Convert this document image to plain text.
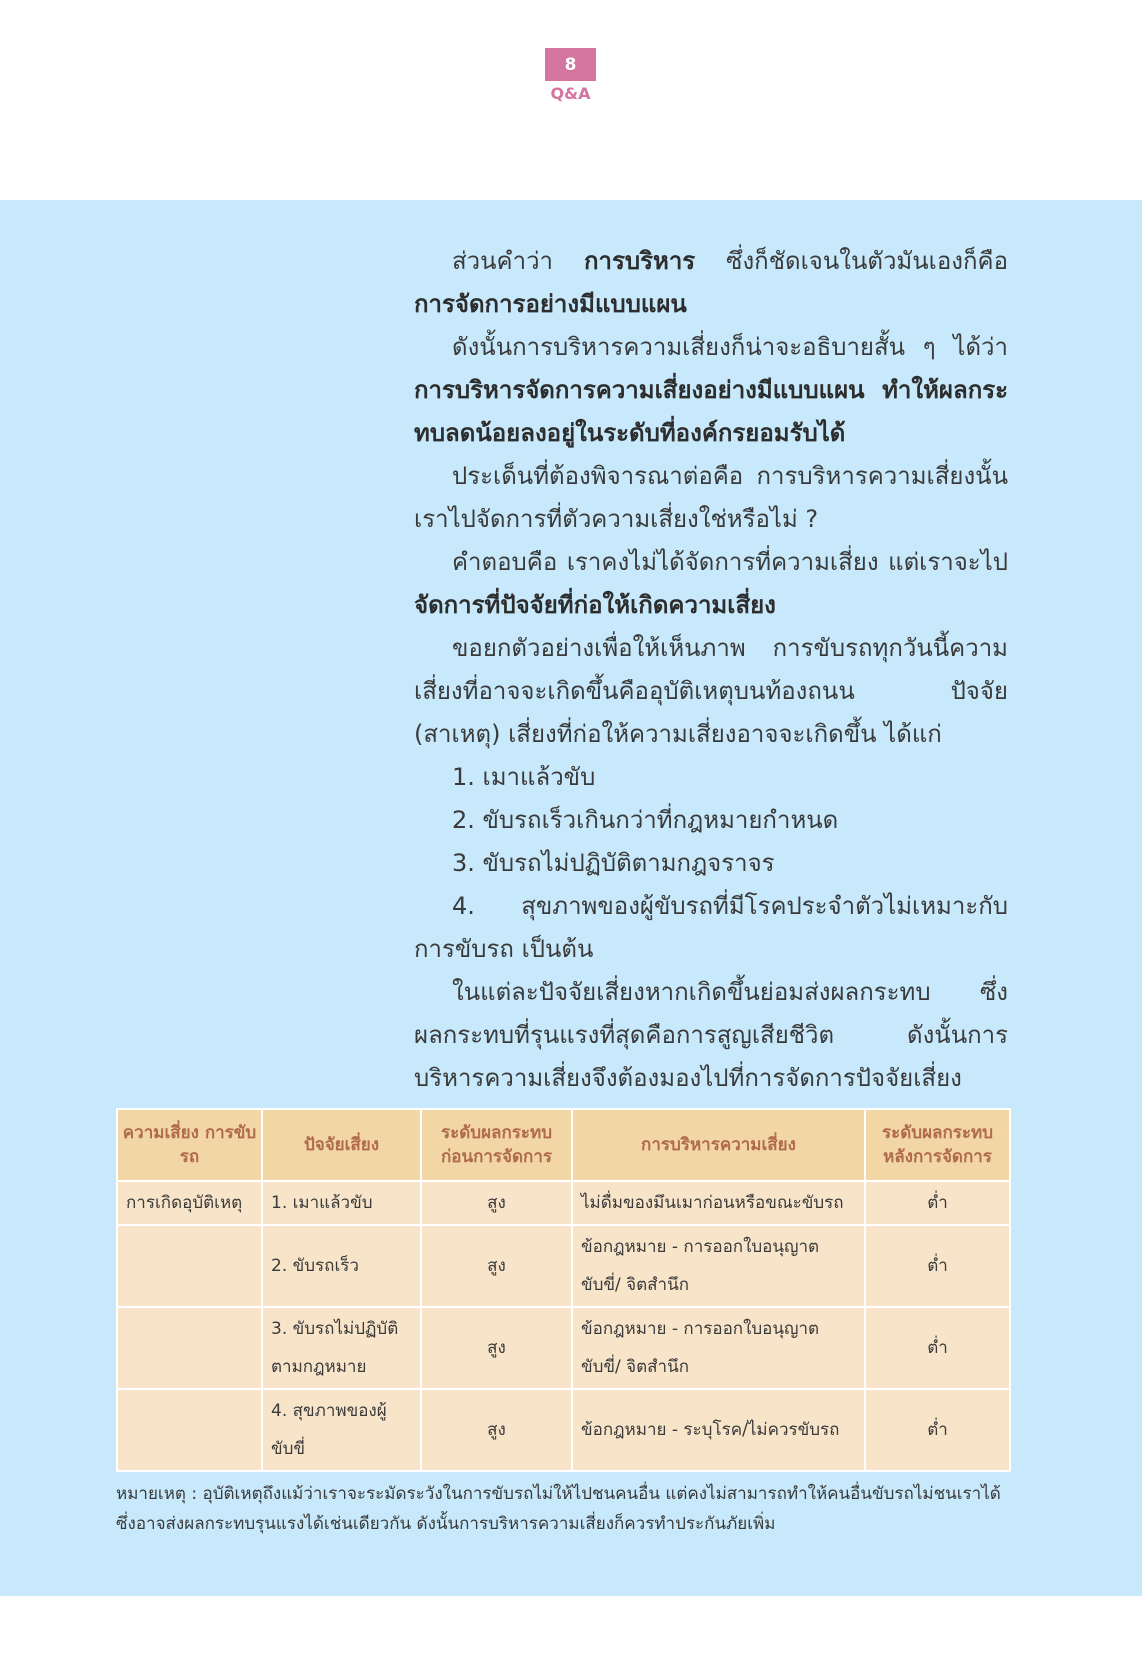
8
Q&A

ส่วนคำว่า การบริหาร ซึ่งก็ชัดเจนในตัวมันเองก็คือ การจัดการอย่างมีแบบแผน

ดังนั้นการบริหารความเสี่ยงก็น่าจะอธิบายสั้น ๆ ได้ว่า การบริหารจัดการความเสี่ยงอย่างมีแบบแผน ทำให้ผลกระทบลดน้อยลงอยู่ในระดับที่องค์กรยอมรับได้

ประเด็นที่ต้องพิจารณาต่อคือ การบริหารความเสี่ยงนั้นเราไปจัดการที่ตัวความเสี่ยงใช่หรือไม่ ?

คำตอบคือ เราคงไม่ได้จัดการที่ความเสี่ยง แต่เราจะไป จัดการที่ปัจจัยที่ก่อให้เกิดความเสี่ยง

ขอยกตัวอย่างเพื่อให้เห็นภาพ การขับรถทุกวันนี้ความเสี่ยงที่อาจจะเกิดขึ้นคืออุบัติเหตุบนท้องถนน ปัจจัย (สาเหตุ) เสี่ยงที่ก่อให้ความเสี่ยงอาจจะเกิดขึ้น ได้แก่

1. เมาแล้วขับ

2. ขับรถเร็วเกินกว่าที่กฎหมายกำหนด

3. ขับรถไม่ปฏิบัติตามกฎจราจร

4. สุขภาพของผู้ขับรถที่มีโรคประจำตัวไม่เหมาะกับการขับรถ เป็นต้น

ในแต่ละปัจจัยเสี่ยงหากเกิดขึ้นย่อมส่งผลกระทบ ซึ่งผลกระทบที่รุนแรงที่สุดคือการสูญเสียชีวิต ดังนั้นการบริหารความเสี่ยงจึงต้องมองไปที่การจัดการปัจจัยเสี่ยง

ความเสี่ยง การขับรถ	ปัจจัยเสี่ยง	ระดับผลกระทบ ก่อนการจัดการ	การบริหารความเสี่ยง	ระดับผลกระทบ หลังการจัดการ
การเกิดอุบัติเหตุ	1. เมาแล้วขับ	สูง	ไม่ดื่มของมึนเมาก่อนหรือขณะขับรถ	ต่ำ
	2. ขับรถเร็ว	สูง	ข้อกฎหมาย - การออกใบอนุญาตขับขี่/ จิตสำนึก	ต่ำ
	3. ขับรถไม่ปฏิบัติ ตามกฎหมาย	สูง	ข้อกฎหมาย - การออกใบอนุญาตขับขี่/ จิตสำนึก	ต่ำ
	4. สุขภาพของผู้ขับขี่	สูง	ข้อกฎหมาย - ระบุโรค/ไม่ควรขับรถ	ต่ำ

หมายเหตุ : อุบัติเหตุถึงแม้ว่าเราจะระมัดระวังในการขับรถไม่ให้ไปชนคนอื่น แต่คงไม่สามารถทำให้คนอื่นขับรถไม่ชนเราได้ ซึ่งอาจส่งผลกระทบรุนแรงได้เช่นเดียวกัน ดังนั้นการบริหารความเสี่ยงก็ควรทำประกันภัยเพิ่ม
